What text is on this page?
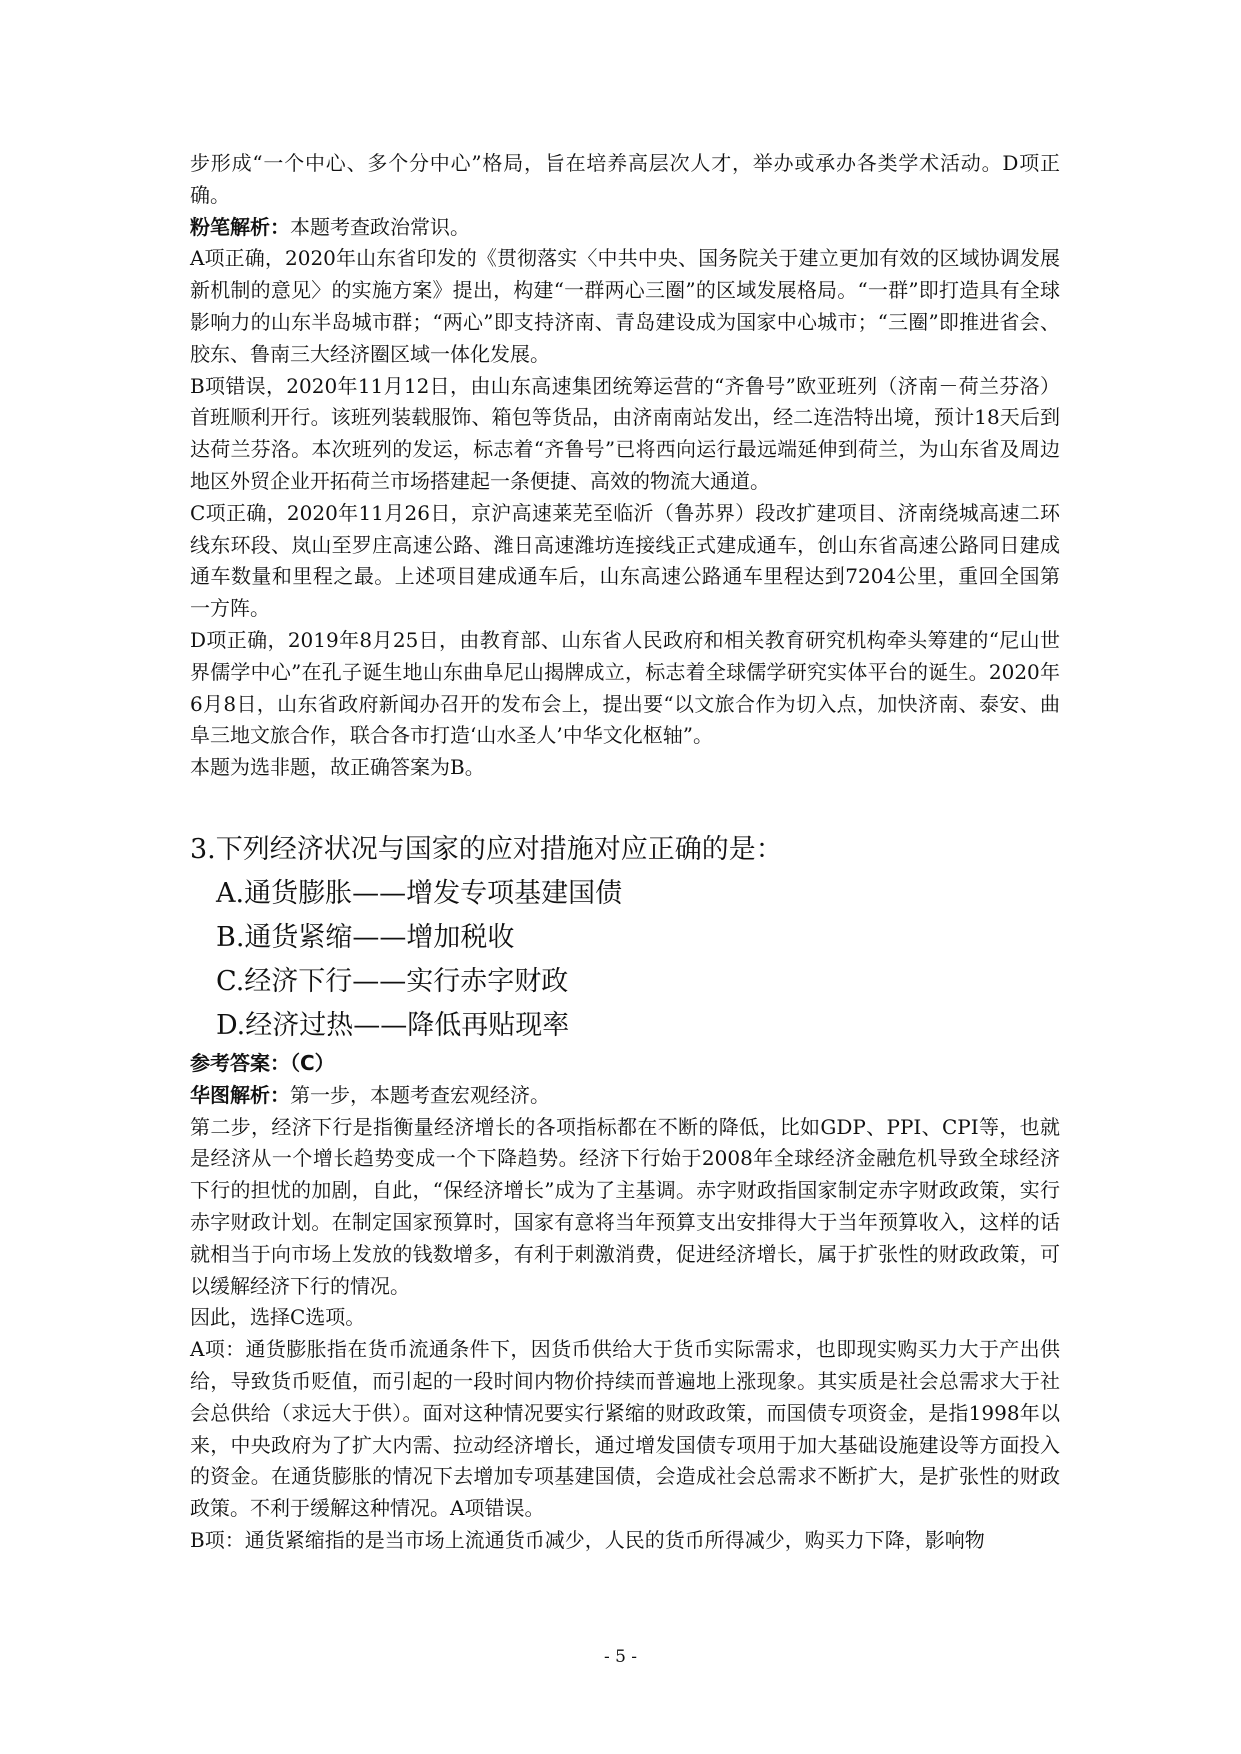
步形成“一个中心、多个分中心”格局，旨在培养高层次人才，举办或承办各类学术活动。D项正确。

粉笔解析：本题考查政治常识。

A项正确，2020年山东省印发的《贯彻落实〈中共中央、国务院关于建立更加有效的区域协调发展新机制的意见〉的实施方案》提出，构建“一群两心三圈”的区域发展格局。“一群”即打造具有全球影响力的山东半岛城市群；“两心”即支持济南、青岛建设成为国家中心城市；“三圈”即推进省会、胶东、鲁南三大经济圈区域一体化发展。

B项错误，2020年11月12日，由山东高速集团统筹运营的“齐鲁号”欧亚班列（济南－荷兰芬洛）首班顺利开行。该班列装载服饰、箱包等货品，由济南南站发出，经二连浩特出境，预计18天后到达荷兰芬洛。本次班列的发运，标志着“齐鲁号”已将西向运行最远端延伸到荷兰，为山东省及周边地区外贸企业开拓荷兰市场搭建起一条便捷、高效的物流大通道。

C项正确，2020年11月26日，京沪高速莱芜至临沂（鲁苏界）段改扩建项目、济南绕城高速二环线东环段、岚山至罗庄高速公路、潍日高速潍坊连接线正式建成通车，创山东省高速公路同日建成通车数量和里程之最。上述项目建成通车后，山东高速公路通车里程达到7204公里，重回全国第一方阵。

D项正确，2019年8月25日，由教育部、山东省人民政府和相关教育研究机构牵头筹建的“尼山世界儒学中心”在孔子诞生地山东曲阜尼山揭牌成立，标志着全球儒学研究实体平台的诞生。2020年6月8日，山东省政府新闻办召开的发布会上，提出要“以文旅合作为切入点，加快济南、泰安、曲阜三地文旅合作，联合各市打造‘山水圣人’中华文化枢轴”。

本题为选非题，故正确答案为B。

3.下列经济状况与国家的应对措施对应正确的是：

A.通货膨胀——增发专项基建国债

B.通货紧缩——增加税收

C.经济下行——实行赤字财政

D.经济过热——降低再贴现率

参考答案：（C）

华图解析：第一步，本题考查宏观经济。

第二步，经济下行是指衡量经济增长的各项指标都在不断的降低，比如GDP、PPI、CPI等，也就是经济从一个增长趋势变成一个下降趋势。经济下行始于2008年全球经济金融危机导致全球经济下行的担忧的加剧，自此，“保经济增长”成为了主基调。赤字财政指国家制定赤字财政政策，实行赤字财政计划。在制定国家预算时，国家有意将当年预算支出安排得大于当年预算收入，这样的话就相当于向市场上发放的钱数增多，有利于刺激消费，促进经济增长，属于扩张性的财政政策，可以缓解经济下行的情况。

因此，选择C选项。

A项：通货膨胀指在货币流通条件下，因货币供给大于货币实际需求，也即现实购买力大于产出供给，导致货币贬值，而引起的一段时间内物价持续而普遍地上涨现象。其实质是社会总需求大于社会总供给（求远大于供）。面对这种情况要实行紧缩的财政政策，而国债专项资金，是指1998年以来，中央政府为了扩大内需、拉动经济增长，通过增发国债专项用于加大基础设施建设等方面投入的资金。在通货膨胀的情况下去增加专项基建国债，会造成社会总需求不断扩大，是扩张性的财政政策。不利于缓解这种情况。A项错误。

B项：通货紧缩指的是当市场上流通货币减少，人民的货币所得减少，购买力下降，影响物

- 5 -
